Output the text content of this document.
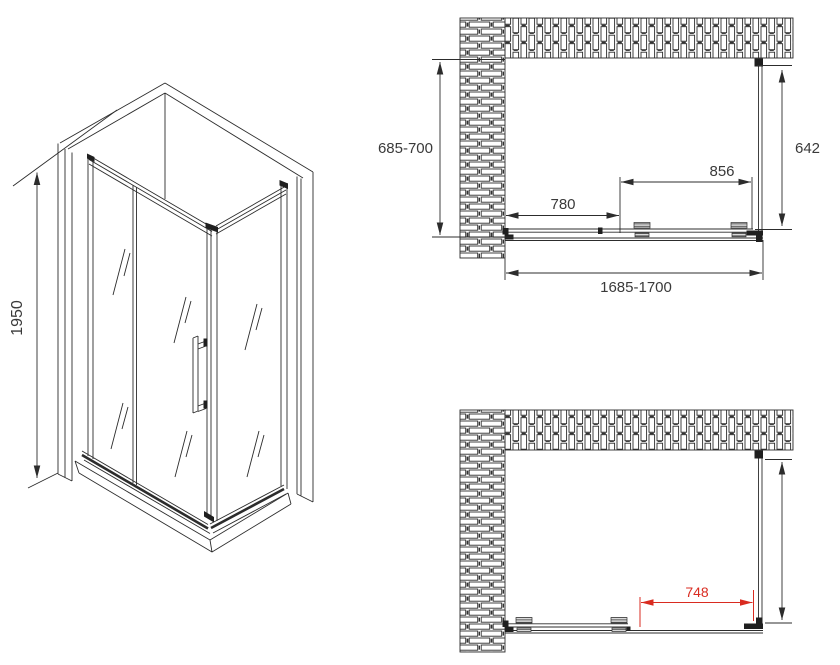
1950
685-700	642
780
856
1685-1700
748
